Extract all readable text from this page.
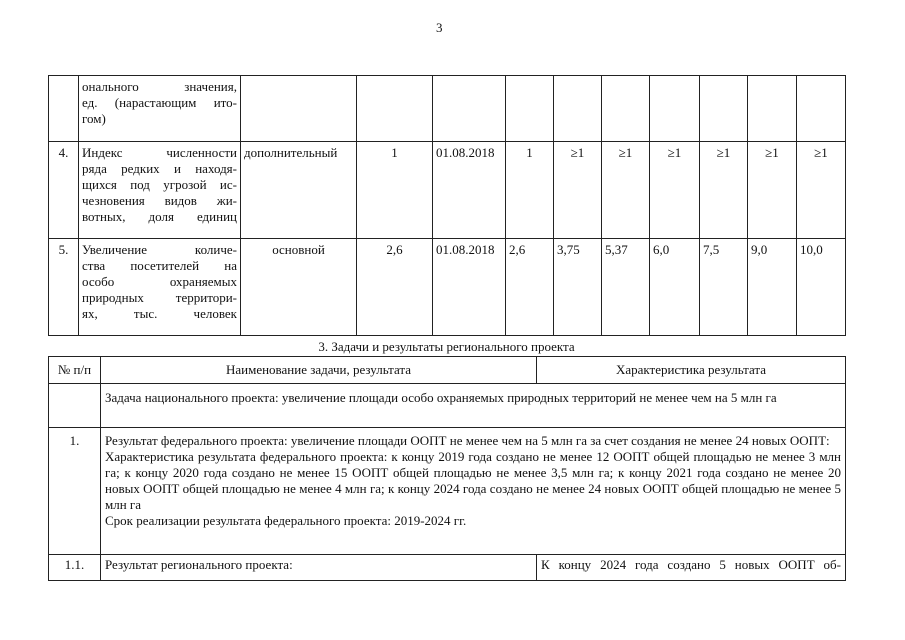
3

	онального значения,
ед. (нарастающим ито-
гом)										

4.	Индекс численности
ряда редких и находя-
щихся под угрозой ис-
чезновения видов жи-
вотных, доля единиц	дополнительный	1	01.08.2018	1	≥1	≥1	≥1	≥1	≥1	≥1
5.	Увеличение количе-
ства посетителей на
особо охраняемых
природных территори-
ях, тыс. человек	основной	2,6	01.08.2018	2,6	3,75	5,37	6,0	7,5	9,0	10,0
3. Задачи и результаты регионального проекта
№ п/п	Наименование задачи, результата	Характеристика результата
	Задача национального проекта: увеличение площади особо охраняемых природных территорий не менее чем на 5 млн га	
1.	Результат федерального проекта: увеличение площади ООПТ не менее чем на 5 млн га за счет создания не менее 24 новых ООПТ:
Характеристика результата федерального проекта: к концу 2019 года создано не менее 12 ООПТ общей площадью не менее 3 млн га; к концу 2020 года создано не менее 15 ООПТ общей площадью не менее 3,5 млн га; к концу 2021 года создано не менее 20 новых ООПТ общей площадью не менее 4 млн га; к концу 2024 года создано не менее 24 новых ООПТ общей площадью не менее 5 млн га
Срок реализации результата федерального проекта: 2019-2024 гг.	

1.1.	Результат регионального проекта:	К концу 2024 года создано 5 новых ООПТ об-
